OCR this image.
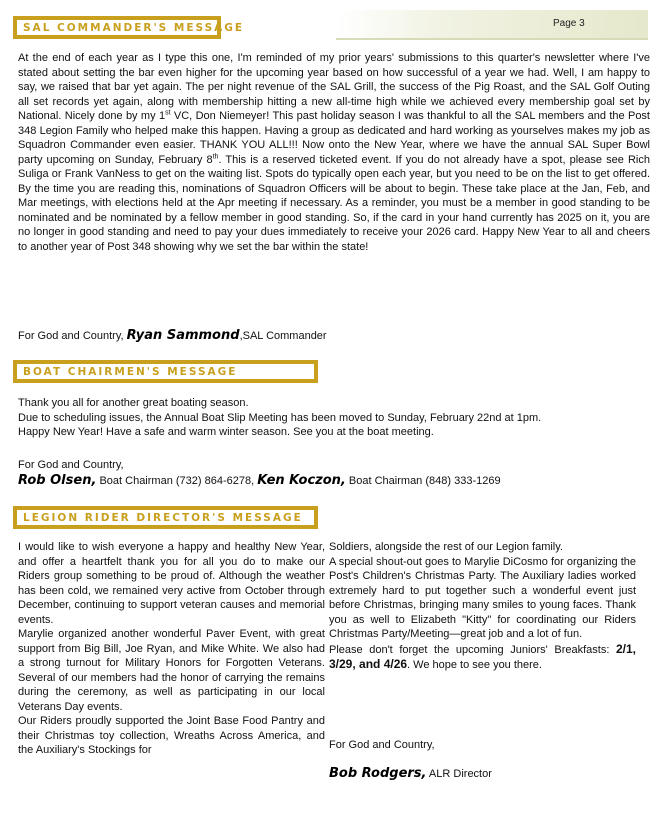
Page 3
SAL COMMANDER'S MESSAGE
At the end of each year as I type this one, I'm reminded of my prior years' submissions to this quarter's newsletter where I've stated about setting the bar even higher for the upcoming year based on how successful of a year we had. Well, I am happy to say, we raised that bar yet again. The per night revenue of the SAL Grill, the success of the Pig Roast, and the SAL Golf Outing all set records yet again, along with membership hitting a new all-time high while we achieved every membership goal set by National. Nicely done by my 1st VC, Don Niemeyer! This past holiday season I was thankful to all the SAL members and the Post 348 Legion Family who helped make this happen. Having a group as dedicated and hard working as yourselves makes my job as Squadron Commander even easier. THANK YOU ALL!!! Now onto the New Year, where we have the annual SAL Super Bowl party upcoming on Sunday, February 8th. This is a reserved ticketed event. If you do not already have a spot, please see Rich Suliga or Frank VanNess to get on the waiting list. Spots do typically open each year, but you need to be on the list to get offered. By the time you are reading this, nominations of Squadron Officers will be about to begin. These take place at the Jan, Feb, and Mar meetings, with elections held at the Apr meeting if necessary. As a reminder, you must be a member in good standing to be nominated and be nominated by a fellow member in good standing. So, if the card in your hand currently has 2025 on it, you are no longer in good standing and need to pay your dues immediately to receive your 2026 card. Happy New Year to all and cheers to another year of Post 348 showing why we set the bar within the state!
For God and Country, Ryan Sammond,SAL Commander
BOAT CHAIRMEN'S MESSAGE
Thank you all for another great boating season.
Due to scheduling issues, the Annual Boat Slip Meeting has been moved to Sunday, February 22nd at 1pm.
Happy New Year! Have a safe and warm winter season. See you at the boat meeting.
For God and Country,
Rob Olsen, Boat Chairman (732) 864-6278, Ken Koczon, Boat Chairman (848) 333-1269
LEGION RIDER DIRECTOR'S MESSAGE

I would like to wish everyone a happy and healthy New Year, and offer a heartfelt thank you for all you do to make our Riders group something to be proud of. Although the weather has been cold, we remained very active from October through December, continuing to support veteran causes and memorial events.

Marylie organized another wonderful Paver Event, with great support from Big Bill, Joe Ryan, and Mike White. We also had a strong turnout for Military Honors for Forgotten Veterans. Several of our members had the honor of carrying the remains during the ceremony, as well as participating in our local Veterans Day events.

Our Riders proudly supported the Joint Base Food Pantry and their Christmas toy collection, Wreaths Across America, and the Auxiliary's Stockings for

Soldiers, alongside the rest of our Legion family.

A special shout-out goes to Marylie DiCosmo for organizing the Post's Children's Christmas Party. The Auxiliary ladies worked extremely hard to put together such a wonderful event just before Christmas, bringing many smiles to young faces. Thank you as well to Elizabeth "Kitty" for coordinating our Riders Christmas Party/Meeting—great job and a lot of fun.

Please don't forget the upcoming Juniors' Breakfasts: 2/1, 3/29, and 4/26. We hope to see you there.

For God and Country,
Bob Rodgers, ALR Director
